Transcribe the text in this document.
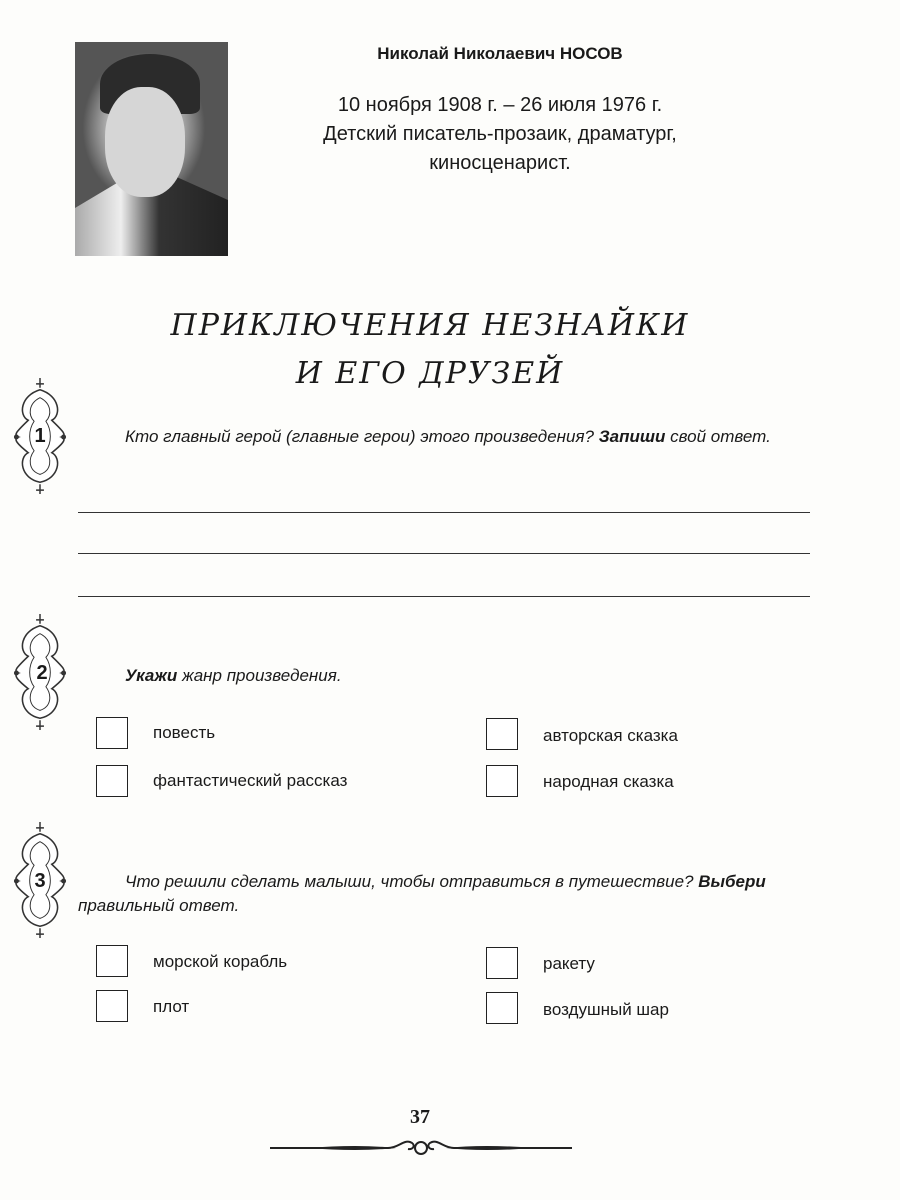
Николай Николаевич НОСОВ
10 ноября 1908 г. – 26 июля 1976 г.
Детский писатель-прозаик, драматург,
киносценарист.
ПРИКЛЮЧЕНИЯ НЕЗНАЙКИ
И ЕГО ДРУЗЕЙ
1	Кто главный герой (главные герои) этого произведения? Запиши свой ответ.
2	Укажи жанр произведения.
повесть
фантастический рассказ
авторская сказка
народная сказка
3	Что решили сделать малыши, чтобы отправиться в путешествие? Выбери правильный ответ.
морской корабль
плот
ракету
воздушный шар
37
